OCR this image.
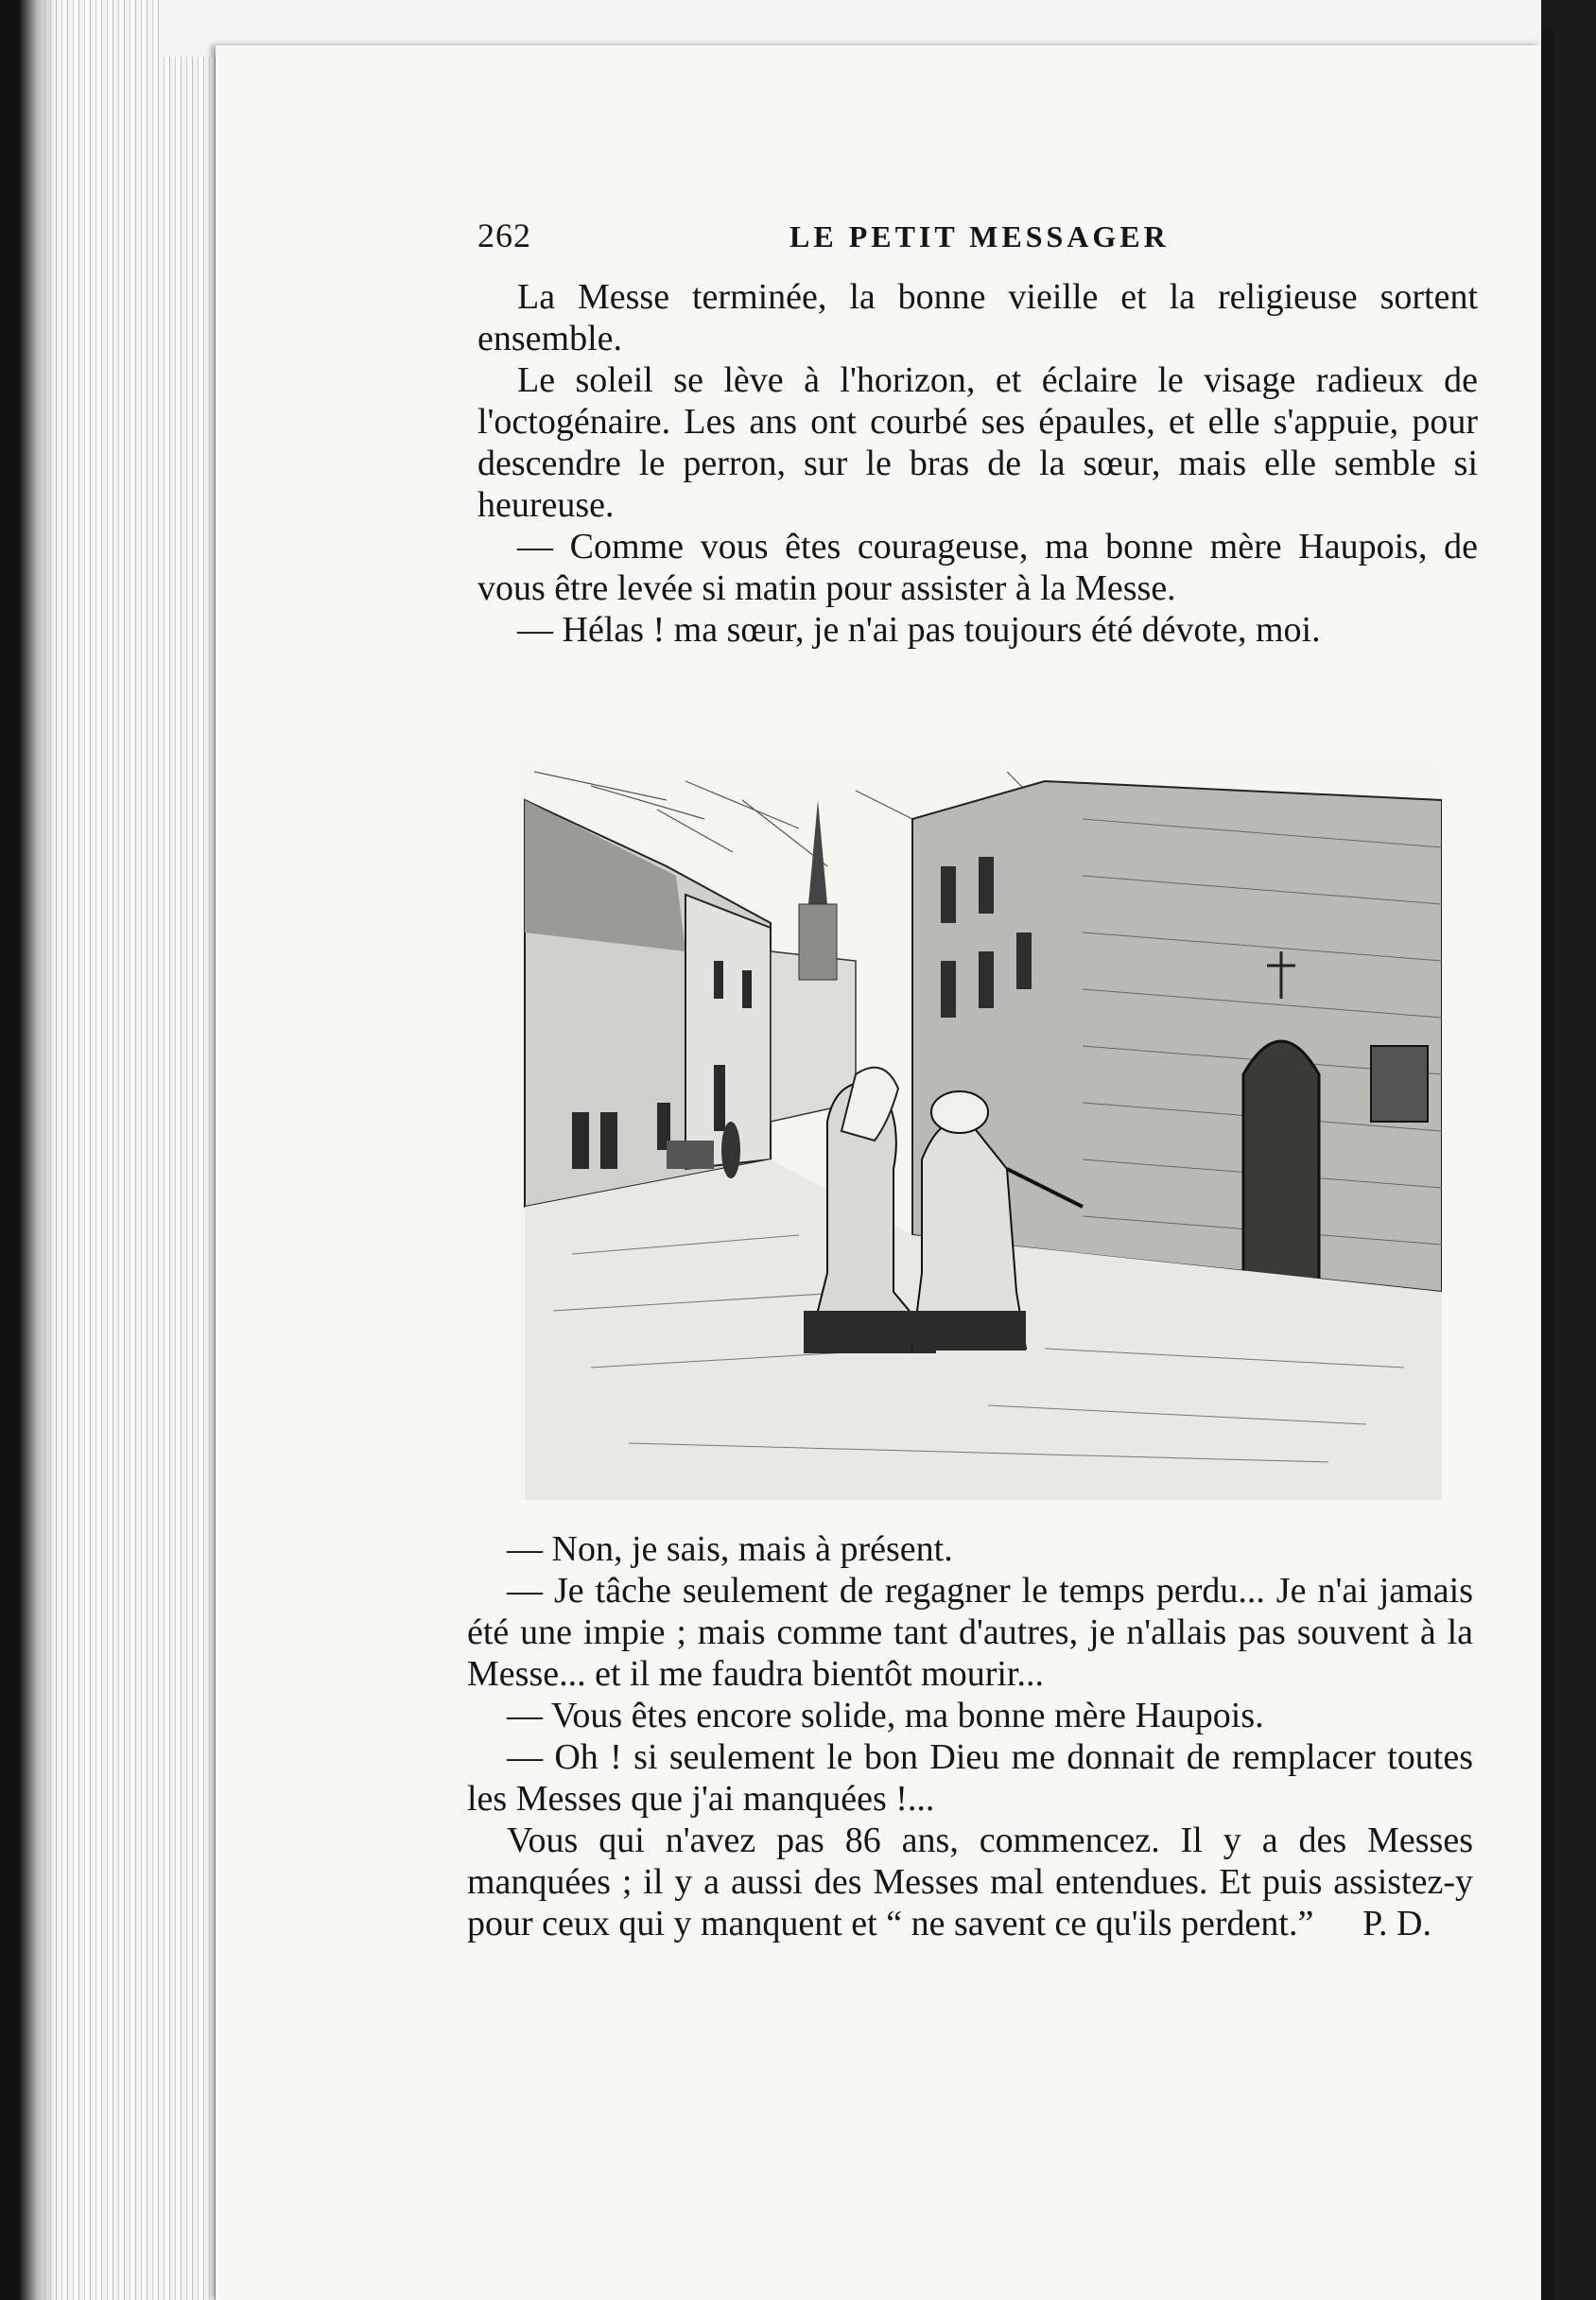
262	LE PETIT MESSAGER

La Messe terminée, la bonne vieille et la religieuse sortent ensemble.

Le soleil se lève à l'horizon, et éclaire le visage radieux de l'octogénaire. Les ans ont courbé ses épaules, et elle s'appuie, pour descendre le perron, sur le bras de la sœur, mais elle semble si heureuse.

— Comme vous êtes courageuse, ma bonne mère Haupois, de vous être levée si matin pour assister à la Messe.

— Hélas ! ma sœur, je n'ai pas toujours été dévote, moi.

— Non, je sais, mais à présent.

— Je tâche seulement de regagner le temps perdu... Je n'ai jamais été une impie ; mais comme tant d'autres, je n'allais pas souvent à la Messe... et il me faudra bientôt mourir...

— Vous êtes encore solide, ma bonne mère Haupois.

— Oh ! si seulement le bon Dieu me donnait de remplacer toutes les Messes que j'ai manquées !...

Vous qui n'avez pas 86 ans, commencez. Il y a des Messes manquées ; il y a aussi des Messes mal entendues. Et puis assistez-y pour ceux qui y manquent et “ ne savent ce qu'ils perdent.”	P. D.
